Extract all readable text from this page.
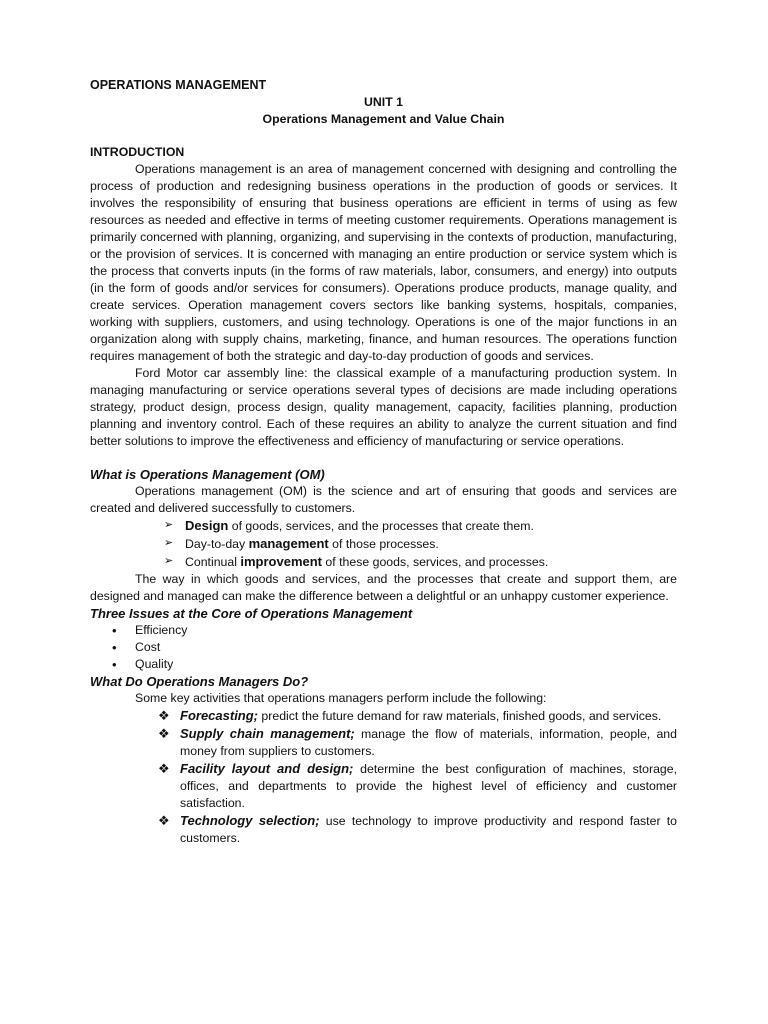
OPERATIONS MANAGEMENT
UNIT 1
Operations Management and Value Chain
INTRODUCTION

Operations management is an area of management concerned with designing and controlling the process of production and redesigning business operations in the production of goods or services. It involves the responsibility of ensuring that business operations are efficient in terms of using as few resources as needed and effective in terms of meeting customer requirements. Operations management is primarily concerned with planning, organizing, and supervising in the contexts of production, manufacturing, or the provision of services. It is concerned with managing an entire production or service system which is the process that converts inputs (in the forms of raw materials, labor, consumers, and energy) into outputs (in the form of goods and/or services for consumers). Operations produce products, manage quality, and create services. Operation management covers sectors like banking systems, hospitals, companies, working with suppliers, customers, and using technology. Operations is one of the major functions in an organization along with supply chains, marketing, finance, and human resources. The operations function requires management of both the strategic and day-to-day production of goods and services.

Ford Motor car assembly line: the classical example of a manufacturing production system. In managing manufacturing or service operations several types of decisions are made including operations strategy, product design, process design, quality management, capacity, facilities planning, production planning and inventory control. Each of these requires an ability to analyze the current situation and find better solutions to improve the effectiveness and efficiency of manufacturing or service operations.

What is Operations Management (OM)

Operations management (OM) is the science and art of ensuring that goods and services are created and delivered successfully to customers.

➢ Design of goods, services, and the processes that create them.
➢ Day-to-day management of those processes.
➢ Continual improvement of these goods, services, and processes.

The way in which goods and services, and the processes that create and support them, are designed and managed can make the difference between a delightful or an unhappy customer experience.

Three Issues at the Core of Operations Management
• Efficiency
• Cost
• Quality
What Do Operations Managers Do?
Some key activities that operations managers perform include the following:
❖ Forecasting; predict the future demand for raw materials, finished goods, and services.
❖ Supply chain management; manage the flow of materials, information, people, and money from suppliers to customers.
❖ Facility layout and design; determine the best configuration of machines, storage, offices, and departments to provide the highest level of efficiency and customer satisfaction.
❖ Technology selection; use technology to improve productivity and respond faster to customers.
